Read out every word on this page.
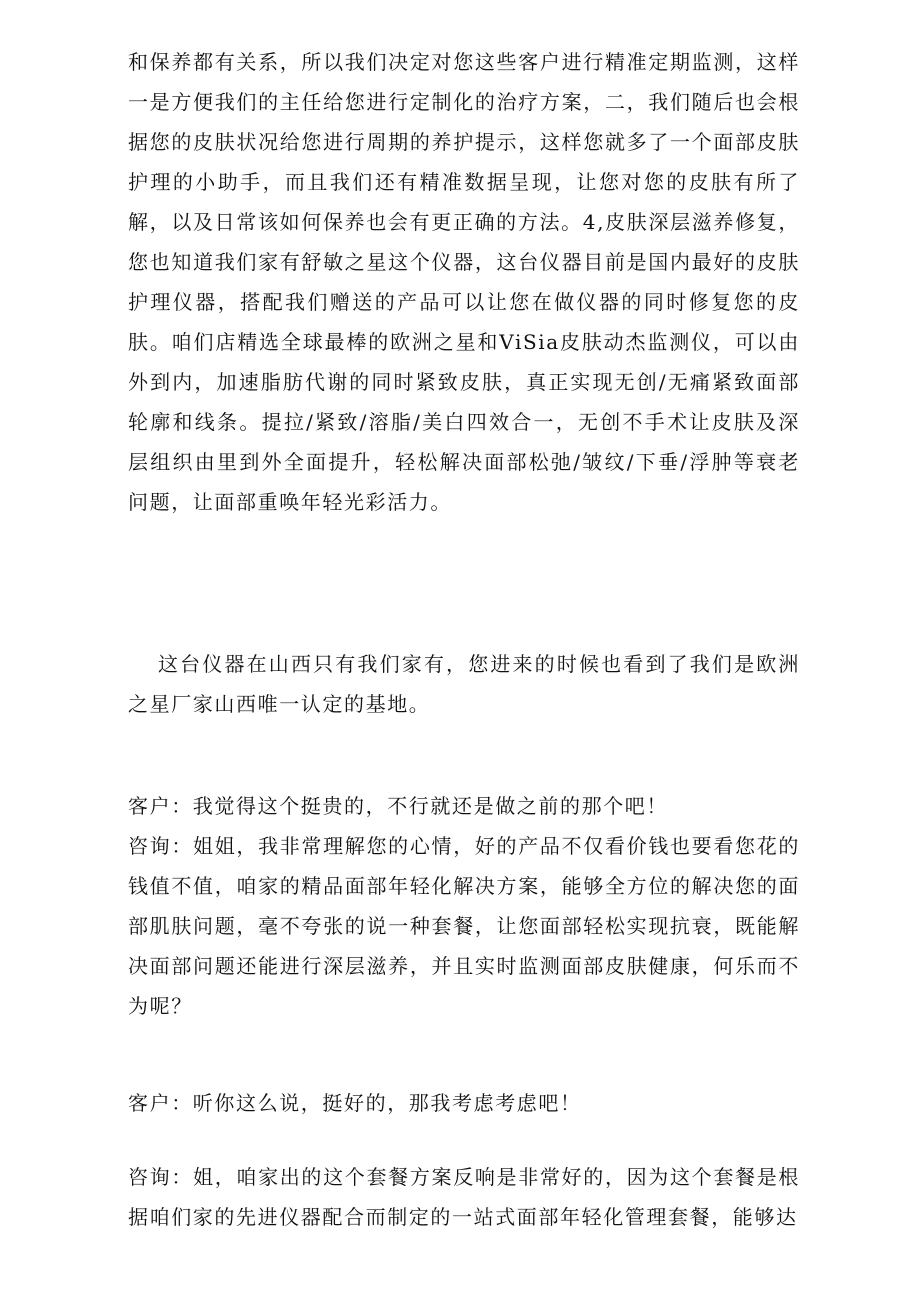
和保养都有关系，所以我们决定对您这些客户进行精准定期监测，这样一是方便我们的主任给您进行定制化的治疗方案，二，我们随后也会根据您的皮肤状况给您进行周期的养护提示，这样您就多了一个面部皮肤护理的小助手，而且我们还有精准数据呈现，让您对您的皮肤有所了解，以及日常该如何保养也会有更正确的方法。4,皮肤深层滋养修复，您也知道我们家有舒敏之星这个仪器，这台仪器目前是国内最好的皮肤护理仪器，搭配我们赠送的产品可以让您在做仪器的同时修复您的皮肤。咱们店精选全球最棒的欧洲之星和ViSia皮肤动杰监测仪，可以由外到内，加速脂肪代谢的同时紧致皮肤，真正实现无创/无痛紧致面部轮廓和线条。提拉/紧致/溶脂/美白四效合一，无创不手术让皮肤及深层组织由里到外全面提升，轻松解决面部松弛/皱纹/下垂/浮肿等衰老问题，让面部重唤年轻光彩活力。

这台仪器在山西只有我们家有，您进来的时候也看到了我们是欧洲之星厂家山西唯一认定的基地。

客户：我觉得这个挺贵的，不行就还是做之前的那个吧！

咨询：姐姐，我非常理解您的心情，好的产品不仅看价钱也要看您花的钱值不值，咱家的精品面部年轻化解决方案，能够全方位的解决您的面部肌肤问题，毫不夸张的说一种套餐，让您面部轻松实现抗衰，既能解决面部问题还能进行深层滋养，并且实时监测面部皮肤健康，何乐而不为呢？

客户：听你这么说，挺好的，那我考虑考虑吧！

咨询：姐，咱家出的这个套餐方案反响是非常好的，因为这个套餐是根据咱们家的先进仪器配合而制定的一站式面部年轻化管理套餐，能够达
